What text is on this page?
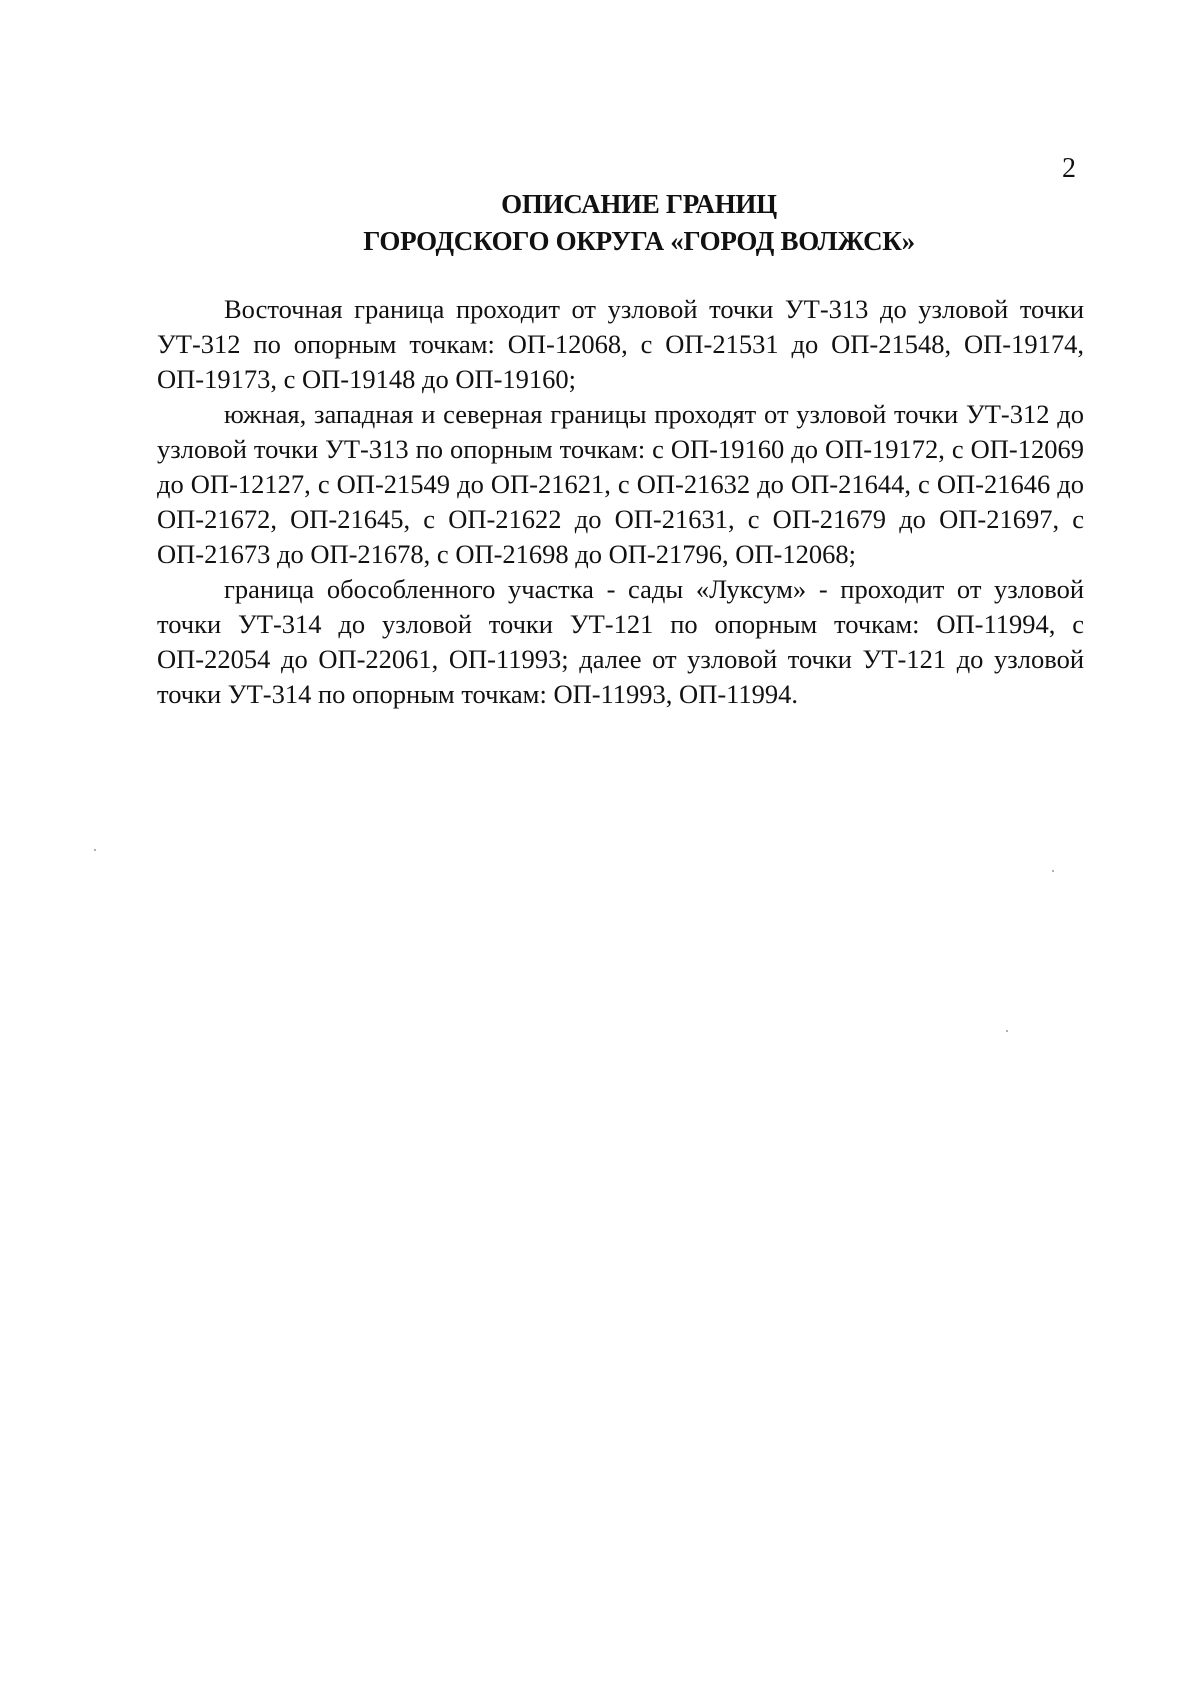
2
ОПИСАНИЕ ГРАНИЦ
ГОРОДСКОГО ОКРУГА «ГОРОД ВОЛЖСК»

Восточная граница проходит от узловой точки УТ-313 до узловой точки УТ-312 по опорным точкам: ОП-12068, с ОП-21531 до ОП-21548, ОП-19174, ОП-19173, с ОП-19148 до ОП-19160;

южная, западная и северная границы проходят от узловой точки УТ-312 до узловой точки УТ-313 по опорным точкам: с ОП-19160 до ОП-19172, с ОП-12069 до ОП-12127, с ОП-21549 до ОП-21621, с ОП-21632 до ОП-21644, с ОП-21646 до ОП-21672, ОП-21645, с ОП-21622 до ОП-21631, с ОП-21679 до ОП-21697, с ОП-21673 до ОП-21678, с ОП-21698 до ОП-21796, ОП-12068;

граница обособленного участка - сады «Луксум» - проходит от узловой точки УТ-314 до узловой точки УТ-121 по опорным точкам: ОП-11994, с ОП-22054 до ОП-22061, ОП-11993; далее от узловой точки УТ-121 до узловой точки УТ-314 по опорным точкам: ОП-11993, ОП-11994.
